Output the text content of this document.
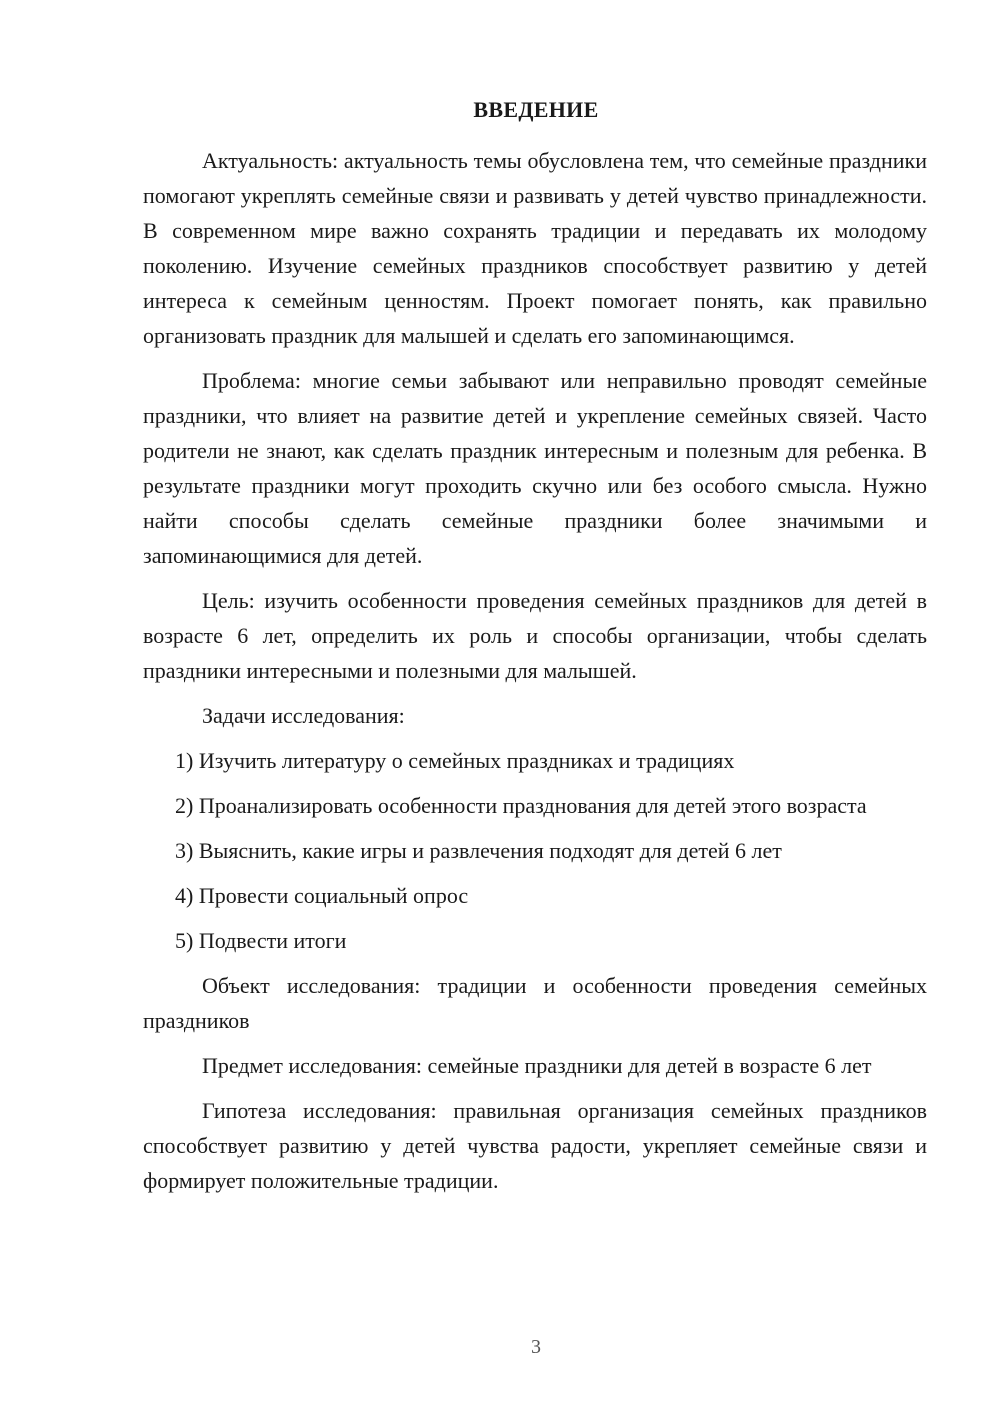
ВВЕДЕНИЕ

Актуальность: актуальность темы обусловлена тем, что семейные праздники помогают укреплять семейные связи и развивать у детей чувство принадлежности. В современном мире важно сохранять традиции и передавать их молодому поколению. Изучение семейных праздников способствует развитию у детей интереса к семейным ценностям. Проект помогает понять, как правильно организовать праздник для малышей и сделать его запоминающимся.

Проблема: многие семьи забывают или неправильно проводят семейные праздники, что влияет на развитие детей и укрепление семейных связей. Часто родители не знают, как сделать праздник интересным и полезным для ребенка. В результате праздники могут проходить скучно или без особого смысла. Нужно найти способы сделать семейные праздники более значимыми и запоминающимися для детей.

Цель: изучить особенности проведения семейных праздников для детей в возрасте 6 лет, определить их роль и способы организации, чтобы сделать праздники интересными и полезными для малышей.

Задачи исследования:

1) Изучить литературу о семейных праздниках и традициях

2) Проанализировать особенности празднования для детей этого возраста

3) Выяснить, какие игры и развлечения подходят для детей 6 лет

4) Провести социальный опрос

5) Подвести итоги

Объект исследования: традиции и особенности проведения семейных праздников

Предмет исследования: семейные праздники для детей в возрасте 6 лет

Гипотеза исследования: правильная организация семейных праздников способствует развитию у детей чувства радости, укрепляет семейные связи и формирует положительные традиции.

3
